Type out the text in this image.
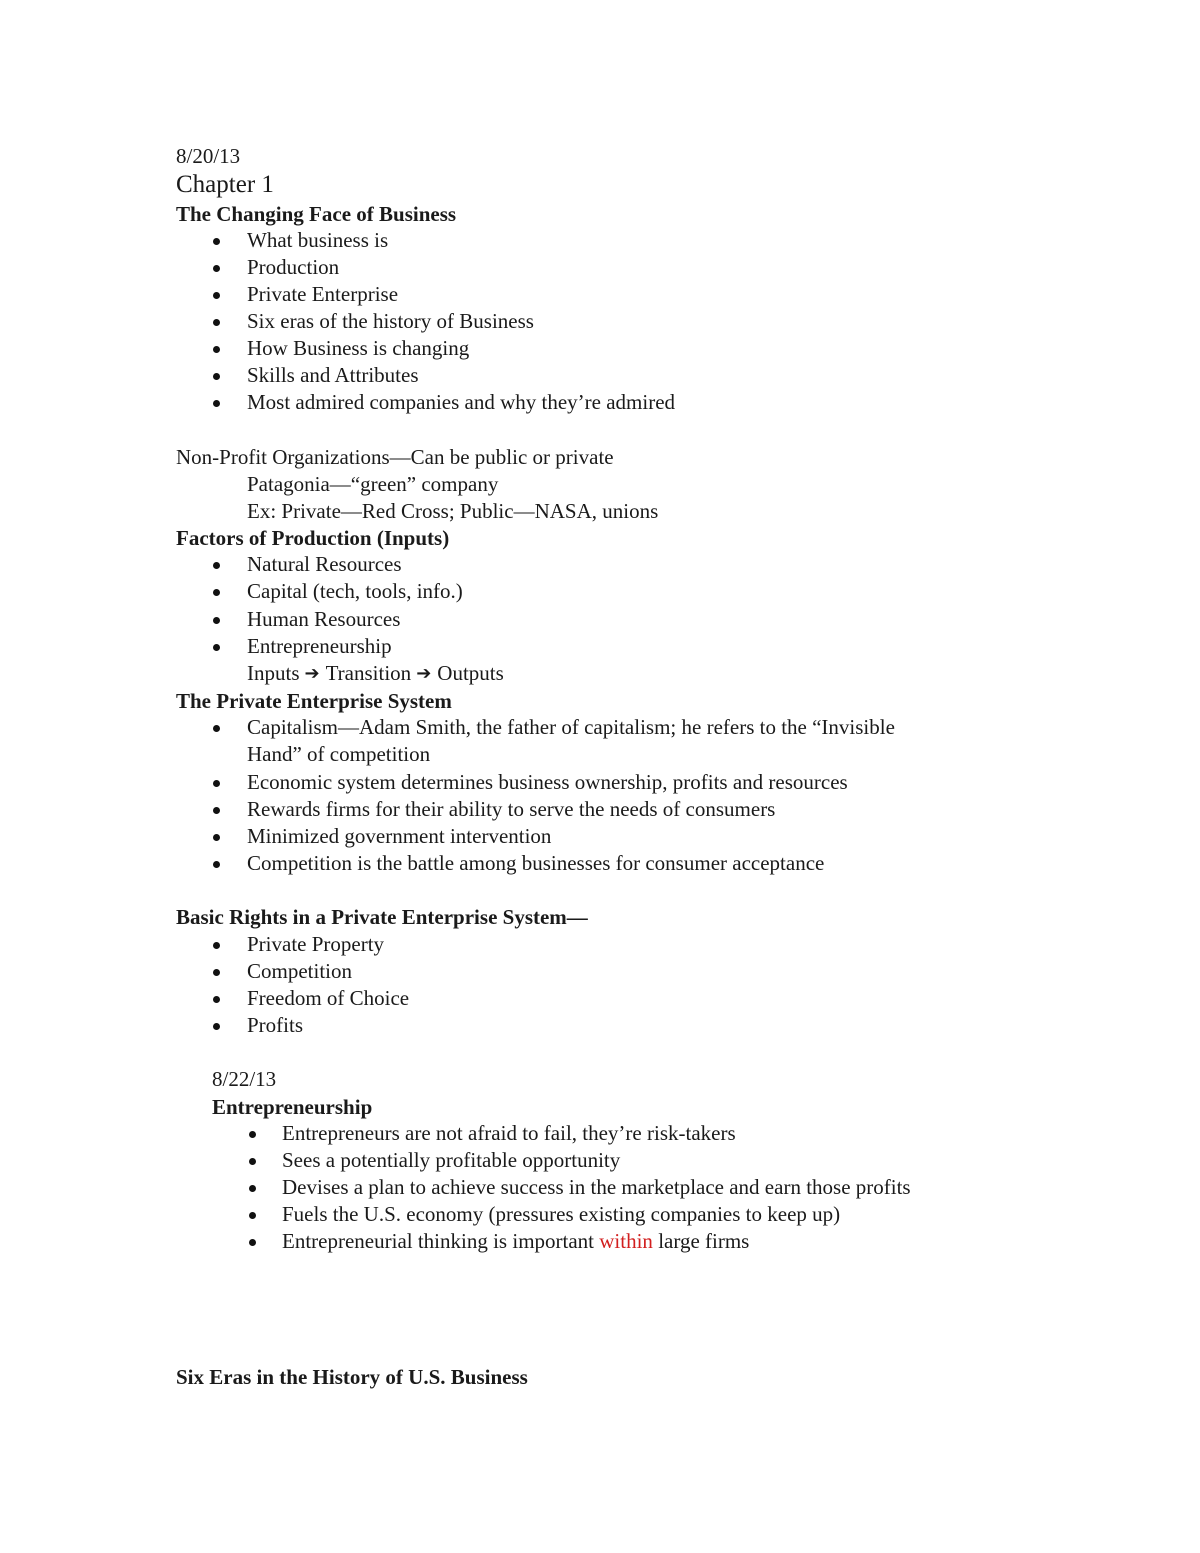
8/20/13
Chapter 1
The Changing Face of Business
What business is
Production
Private Enterprise
Six eras of the history of Business
How Business is changing
Skills and Attributes
Most admired companies and why they’re admired
Non-Profit Organizations—Can be public or private
Patagonia—“green” company
Ex: Private—Red Cross; Public—NASA, unions
Factors of Production (Inputs)
Natural Resources
Capital (tech, tools, info.)
Human Resources
Entrepreneurship
Inputs ➔ Transition ➔ Outputs
The Private Enterprise System
Capitalism—Adam Smith, the father of capitalism; he refers to the “Invisible
Hand” of competition
Economic system determines business ownership, profits and resources
Rewards firms for their ability to serve the needs of consumers
Minimized government intervention
Competition is the battle among businesses for consumer acceptance
Basic Rights in a Private Enterprise System—
Private Property
Competition
Freedom of Choice
Profits
8/22/13
Entrepreneurship
Entrepreneurs are not afraid to fail, they’re risk-takers
Sees a potentially profitable opportunity
Devises a plan to achieve success in the marketplace and earn those profits
Fuels the U.S. economy (pressures existing companies to keep up)
Entrepreneurial thinking is important within large firms
Six Eras in the History of U.S. Business
